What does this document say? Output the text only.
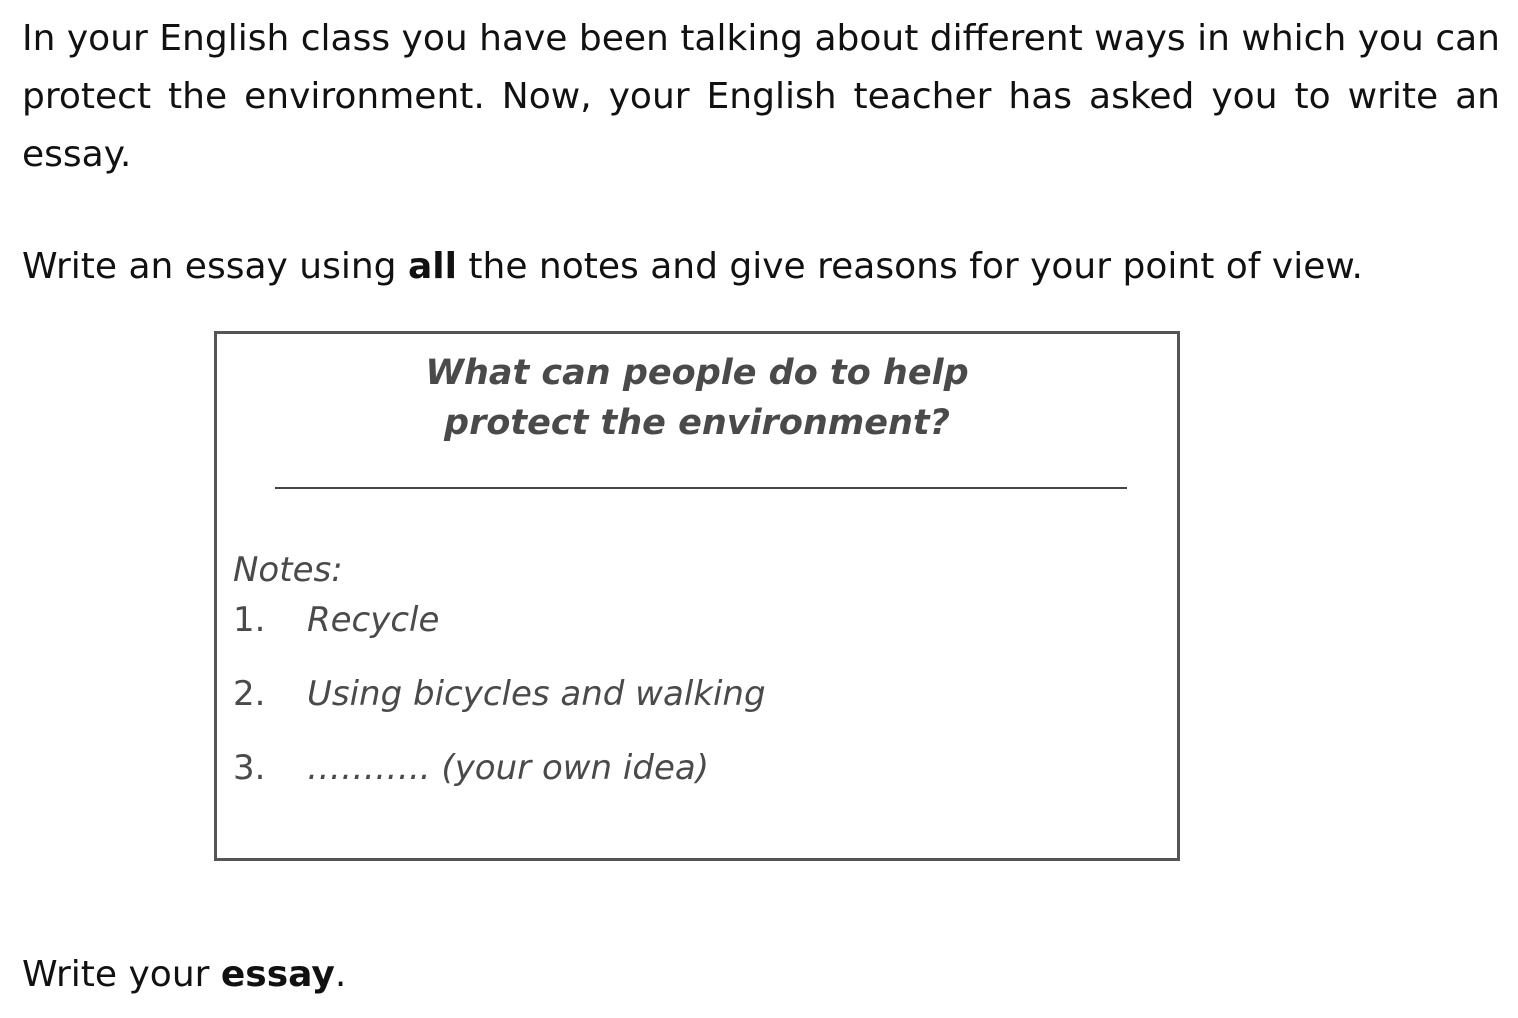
In your English class you have been talking about different ways in which you can protect the environment. Now, your English teacher has asked you to write an essay.

Write an essay using all the notes and give reasons for your point of view.

What can people do to help
protect the environment?
Notes:
1. Recycle
2. Using bicycles and walking
3. ……….. (your own idea)

Write your essay.
